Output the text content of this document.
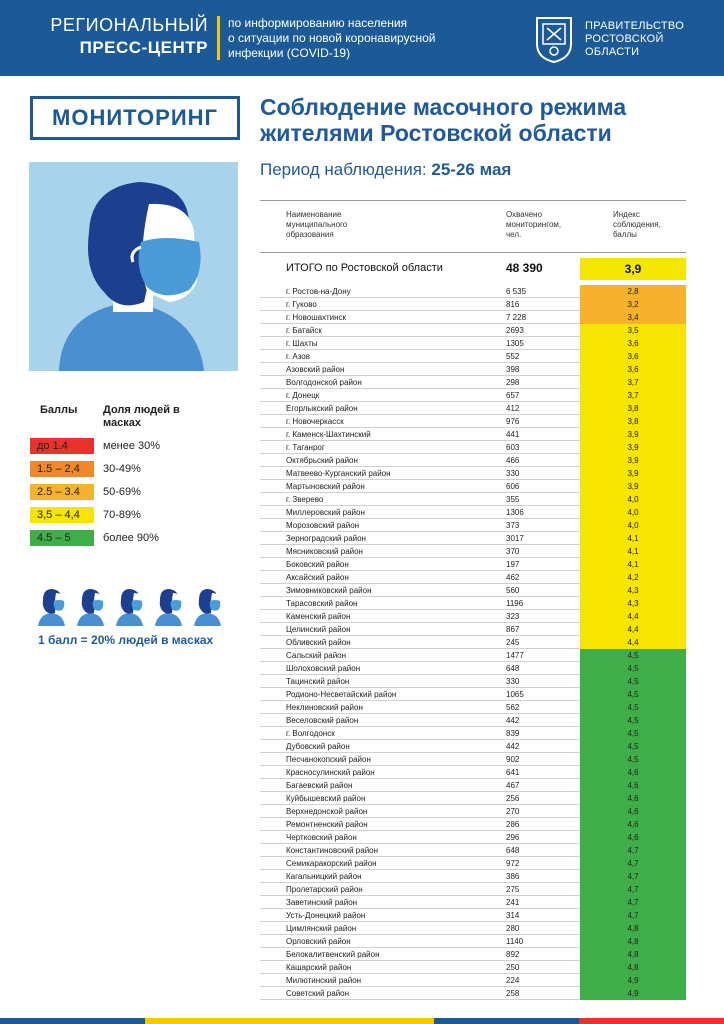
РЕГИОНАЛЬНЫЙ
ПРЕСС-ЦЕНТР
по информированию населения
о ситуации по новой коронавирусной
инфекции (COVID-19)
ПРАВИТЕЛЬСТВО
РОСТОВСКОЙ
ОБЛАСТИ
МОНИТОРИНГ	Соблюдение масочного режима
жителями Ростовской области
Период наблюдения: 25-26 мая
Баллы Доля людей в масках
до 1.4	менее 30%
1.5 – 2,4	30-49%
2.5 – 3.4	50-69%
3,5 – 4,4	70-89%
4.5 – 5	более 90%
1 балл = 20% людей в масках
Наименование
муниципального
образования
Охвачено
мониторингом,
чел.
Индекс
соблюдения,
баллы
ИТОГО по Ростовской области	48 390	3,9
г. Ростов-на-Дону	6 535	2,8
г. Гуково	816	3,2
г. Новошахтинск	7 228	3,4
г. Батайск	2693	3,5
г. Шахты	1305	3,6
г. Азов	552	3,6
Азовский район	398	3,6
Волгодонской район	298	3,7
г. Донецк	657	3,7
Егорлыкский район	412	3,8
г. Новочеркасск	976	3,8
г. Каменск-Шахтинский	441	3,9
г. Таганрог	603	3,9
Октябрьский район	466	3,9
Матвеево-Курганский район	330	3,9
Мартыновский район	606	3,9
г. Зверево	355	4,0
Миллеровский район	1306	4,0
Морозовский район	373	4,0
Зерноградский район	3017	4,1
Мясниковский район	370	4,1
Боковский район	197	4,1
Аксайский район	462	4,2
Зимовниковский район	560	4,3
Тарасовский район	1196	4,3
Каменский район	323	4,4
Целинский район	867	4,4
Обливский район	245	4,4
Сальский район	1477	4,5
Шолоховский район	648	4,5
Тацинский район	330	4,5
Родионо-Несветайский район	1065	4,5
Неклиновский район	562	4,5
Веселовский район	442	4,5
г. Волгодонск	839	4,5
Дубовский район	442	4,5
Песчанокопский район	902	4,5
Красносулинский район	641	4,6
Багаевский район	467	4,6
Куйбышевский район	256	4,6
Верхнедонской район	270	4,6
Ремонтненский район	286	4,6
Чертковский район	296	4,6
Константиновский район	648	4,7
Семикаракорский район	972	4,7
Кагальницкий район	386	4,7
Пролетарский район	275	4,7
Заветинский район	241	4,7
Усть-Донецкий район	314	4,7
Цимлянский район	280	4,8
Орловский район	1140	4,8
Белокалитвенский район	892	4,8
Кашарский район	250	4,8
Милютинский район	224	4,9
Советский район	258	4,9
